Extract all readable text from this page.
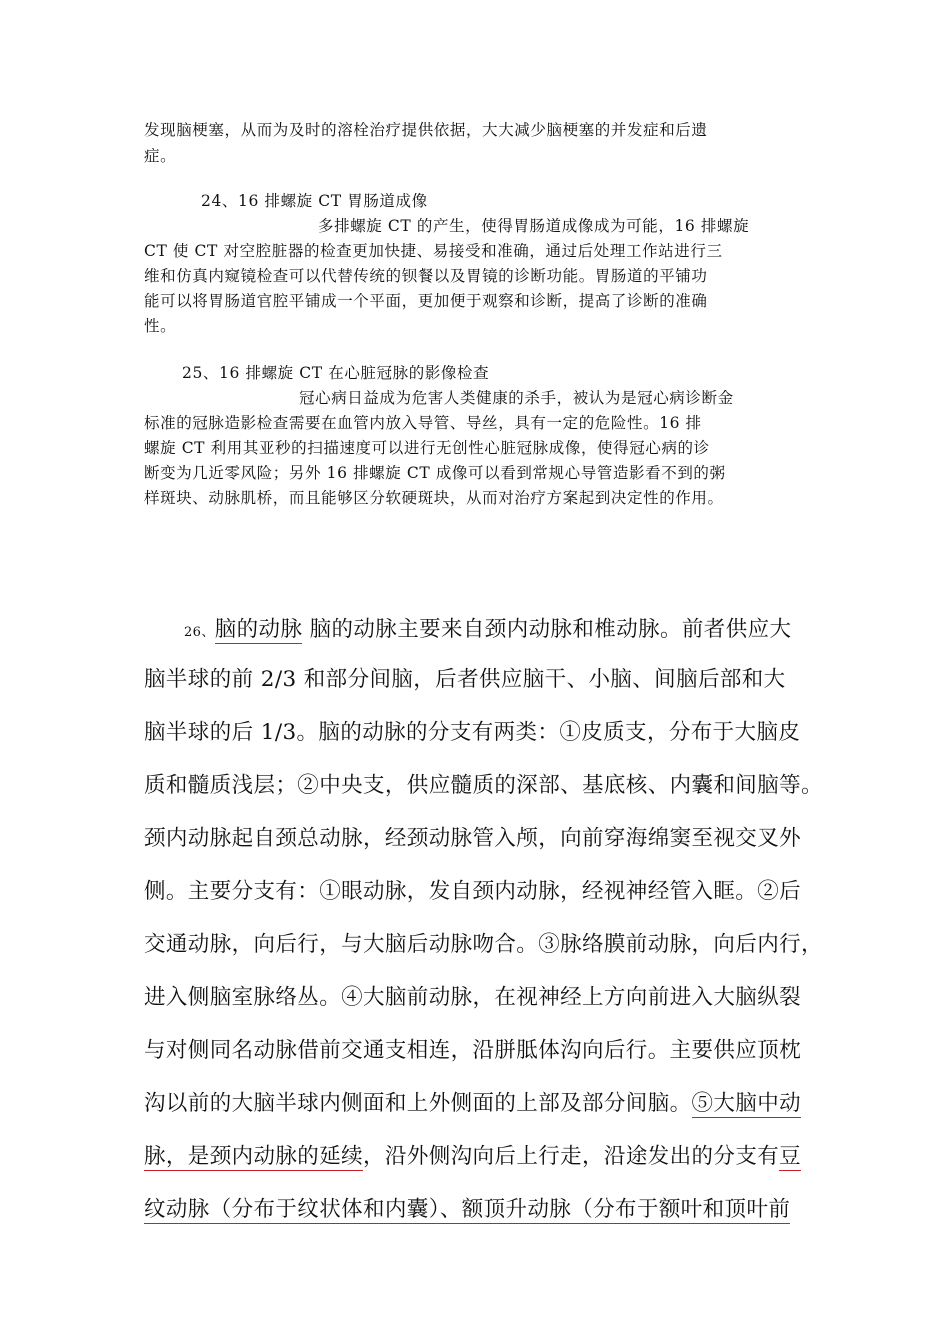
发现脑梗塞，从而为及时的溶栓治疗提供依据，大大减少脑梗塞的并发症和后遗
症。
24、16 排螺旋 CT 胃肠道成像
多排螺旋 CT 的产生，使得胃肠道成像成为可能，16 排螺旋
CT 使 CT 对空腔脏器的检查更加快捷、易接受和准确，通过后处理工作站进行三
维和仿真内窥镜检查可以代替传统的钡餐以及胃镜的诊断功能。胃肠道的平铺功
能可以将胃肠道官腔平铺成一个平面，更加便于观察和诊断，提高了诊断的准确
性。
25、16 排螺旋 CT 在心脏冠脉的影像检查
冠心病日益成为危害人类健康的杀手，被认为是冠心病诊断金
标准的冠脉造影检查需要在血管内放入导管、导丝，具有一定的危险性。16 排
螺旋 CT 利用其亚秒的扫描速度可以进行无创性心脏冠脉成像，使得冠心病的诊
断变为几近零风险；另外 16 排螺旋 CT 成像可以看到常规心导管造影看不到的粥
样斑块、动脉肌桥，而且能够区分软硬斑块，从而对治疗方案起到决定性的作用。
26、脑的动脉 脑的动脉主要来自颈内动脉和椎动脉。前者供应大
脑半球的前 2/3 和部分间脑，后者供应脑干、小脑、间脑后部和大
脑半球的后 1/3。脑的动脉的分支有两类：①皮质支，分布于大脑皮
质和髓质浅层；②中央支，供应髓质的深部、基底核、内囊和间脑等。
颈内动脉起自颈总动脉，经颈动脉管入颅，向前穿海绵窦至视交叉外
侧。主要分支有：①眼动脉，发自颈内动脉，经视神经管入眶。②后
交通动脉，向后行，与大脑后动脉吻合。③脉络膜前动脉，向后内行，
进入侧脑室脉络丛。④大脑前动脉，在视神经上方向前进入大脑纵裂
与对侧同名动脉借前交通支相连，沿胼胝体沟向后行。主要供应顶枕
沟以前的大脑半球内侧面和上外侧面的上部及部分间脑。⑤大脑中动
脉，是颈内动脉的延续，沿外侧沟向后上行走，沿途发出的分支有豆
纹动脉（分布于纹状体和内囊）、额顶升动脉（分布于额叶和顶叶前
